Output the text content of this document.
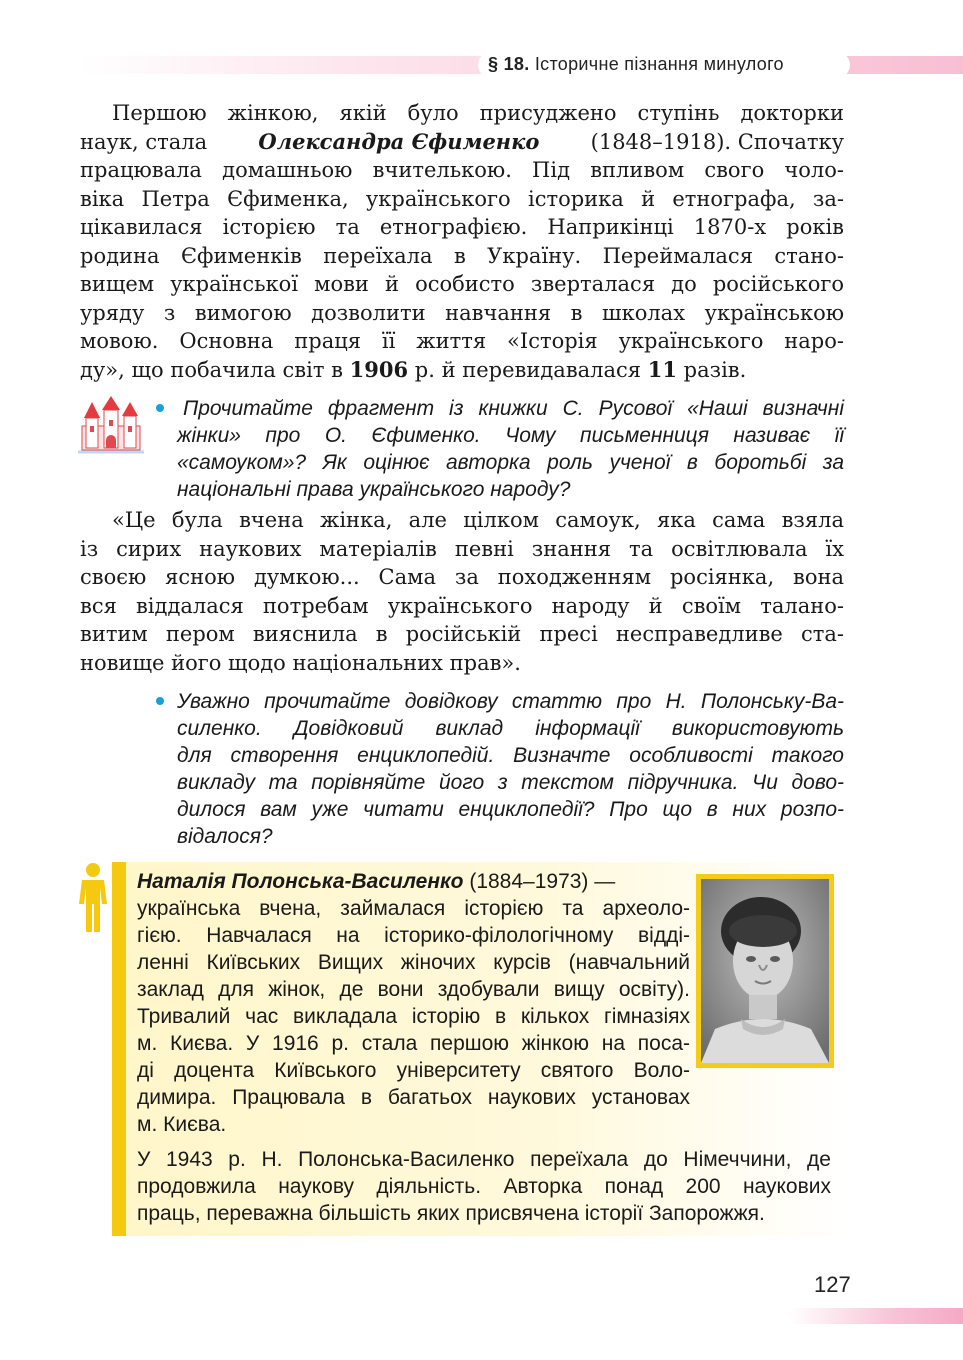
§ 18. Історичне пізнання минулого
Першою жінкою, якій було присуджено ступінь докторки
наук, стала Олександра Єфименко (1848–1918). Спочатку
працювала домашньою вчителькою. Під впливом свого чоло-
віка Петра Єфименка, українського історика й етнографа, за-
цікавилася історією та етнографією. Наприкінці 1870-х років
родина Єфименків переїхала в Україну. Переймалася стано-
вищем української мови й особисто зверталася до російського
уряду з вимогою дозволити навчання в школах українською
мовою. Основна праця її життя «Історія українського наро-
ду», що побачила світ в 1906 р. й перевидавалася 11 разів.
Прочитайте фрагмент із книжки С. Русової «Наші визначні
жінки» про О. Єфименко. Чому письменниця називає її
«самоуком»? Як оцінює авторка роль ученої в боротьбі за
національні права українського народу?
«Це була вчена жінка, але цілком самоук, яка сама взяла
із сирих наукових матеріалів певні знання та освітлювала їх
своєю ясною думкою... Сама за походженням росіянка, вона
вся віддалася потребам українського народу й своїм талано-
витим пером вияснила в російській пресі несправедливе ста-
новище його щодо національних прав».
Уважно прочитайте довідкову статтю про Н. Полонську-Ва-
силенко. Довідковий виклад інформації використовують
для створення енциклопедій. Визначте особливості такого
викладу та порівняйте його з текстом підручника. Чи дово-
дилося вам уже читати енциклопедії? Про що в них розпо-
відалося?
Наталія Полонська-Василенко (1884–1973) —
українська вчена, займалася історією та археоло-
гією. Навчалася на історико-філологічному відді-
ленні Київських Вищих жіночих курсів (навчальний
заклад для жінок, де вони здобували вищу освіту).
Тривалий час викладала історію в кількох гімназіях
м. Києва. У 1916 р. стала першою жінкою на поса-
ді доцента Київського університету святого Воло-
димира. Працювала в багатьох наукових установах
м. Києва.
У 1943 р. Н. Полонська-Василенко переїхала до Німеччини, де
продовжила наукову діяльність. Авторка понад 200 наукових
праць, переважна більшість яких присвячена історії Запорожжя.
127
